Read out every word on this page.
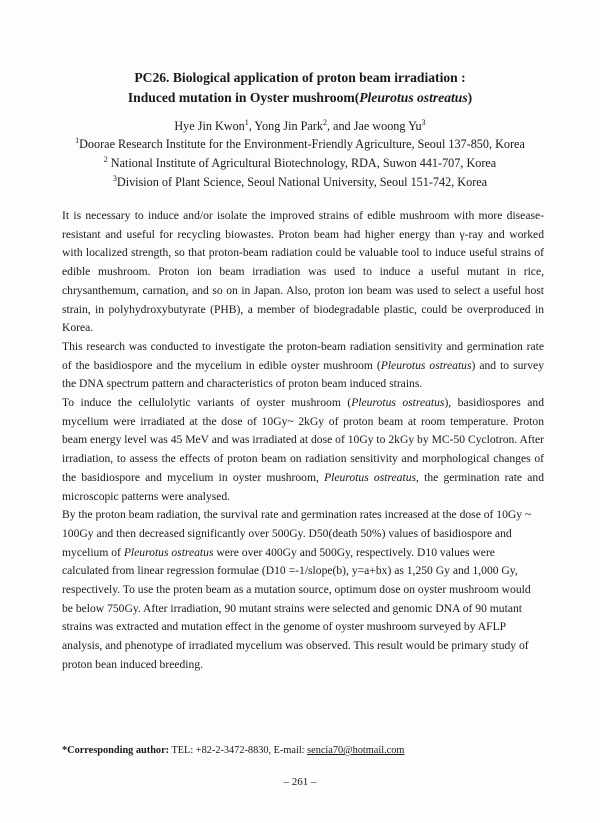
PC26. Biological application of proton beam irradiation :
Induced mutation in Oyster mushroom(Pleurotus ostreatus)
Hye Jin Kwon$^1$, Yong Jin Park$^2$, and Jae woong Yu$^3$
$^1$Doorae Research Institute for the Environment-Friendly Agriculture, Seoul 137-850, Korea
$^2$ National Institute of Agricultural Biotechnology, RDA, Suwon 441-707, Korea
$^3$Division of Plant Science, Seoul National University, Seoul 151-742, Korea

It is necessary to induce and/or isolate the improved strains of edible mushroom with more disease-resistant and useful for recycling biowastes. Proton beam had higher energy than γ-ray and worked with localized strength, so that proton-beam radiation could be valuable tool to induce useful strains of edible mushroom. Proton ion beam irradiation was used to induce a useful mutant in rice, chrysanthemum, carnation, and so on in Japan. Also, proton ion beam was used to select a useful host strain, in polyhydroxybutyrate (PHB), a member of biodegradable plastic, could be overproduced in Korea.

This research was conducted to investigate the proton-beam radiation sensitivity and germination rate of the basidiospore and the mycelium in edible oyster mushroom (Pleurotus ostreatus) and to survey the DNA spectrum pattern and characteristics of proton beam induced strains.

To induce the cellulolytic variants of oyster mushroom (Pleurotus ostreatus), basidiospores and mycelium were irradiated at the dose of 10Gy~ 2kGy of proton beam at room temperature. Proton beam energy level was 45 MeV and was irradiated at dose of 10Gy to 2kGy by MC-50 Cyclotron. After irradiation, to assess the effects of proton beam on radiation sensitivity and morphological changes of the basidiospore and mycelium in oyster mushroom, Pleurotus ostreatus, the germination rate and microscopic patterns were analysed.

By the proton beam radiation, the survival rate and germination rates increased at the dose of 10Gy ~ 100Gy and then decreased significantly over 500Gy. D50(death 50%) values of basidiospore and mycelium of Pleurotus ostreatus were over 400Gy and 500Gy, respectively. D10 values were calculated from linear regression formulae (D10 =-1/slope(b), y=a+bx) as 1,250 Gy and 1,000 Gy, respectively. To use the proten beam as a mutation source, optimum dose on oyster mushroom would be below 750Gy. After irradiation, 90 mutant strains were selected and genomic DNA of 90 mutant strains was extracted and mutation effect in the genome of oyster mushroom surveyed by AFLP analysis, and phenotype of irradiated mycelium was observed. This result would be primary study of proton bean induced breeding.

*Corresponding author: TEL: +82-2-3472-8830, E-mail: sencia70@hotmail.com
– 261 –
